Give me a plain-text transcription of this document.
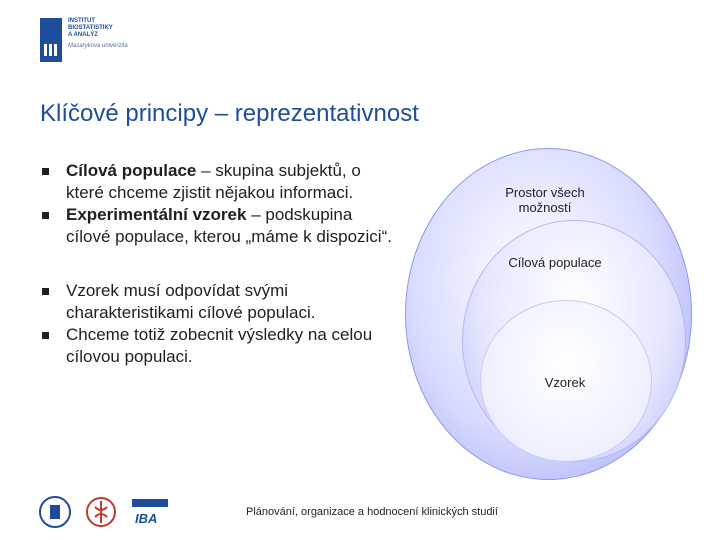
INSTITUT
BIOSTATISTIKY
A ANALÝZ
Masarykova univerzita
Klíčové principy – reprezentativnost
Cílová populace – skupina subjektů, o které chceme zjistit nějakou informaci.
Experimentální vzorek – podskupina cílové populace, kterou „máme k dispozici“.
Vzorek musí odpovídat svými charakteristikami cílové populaci.
Chceme totiž zobecnit výsledky na celou cílovou populaci.
Prostor všech možností
Cílová populace
Vzorek
IBA	Plánování, organizace a hodnocení klinických studií
